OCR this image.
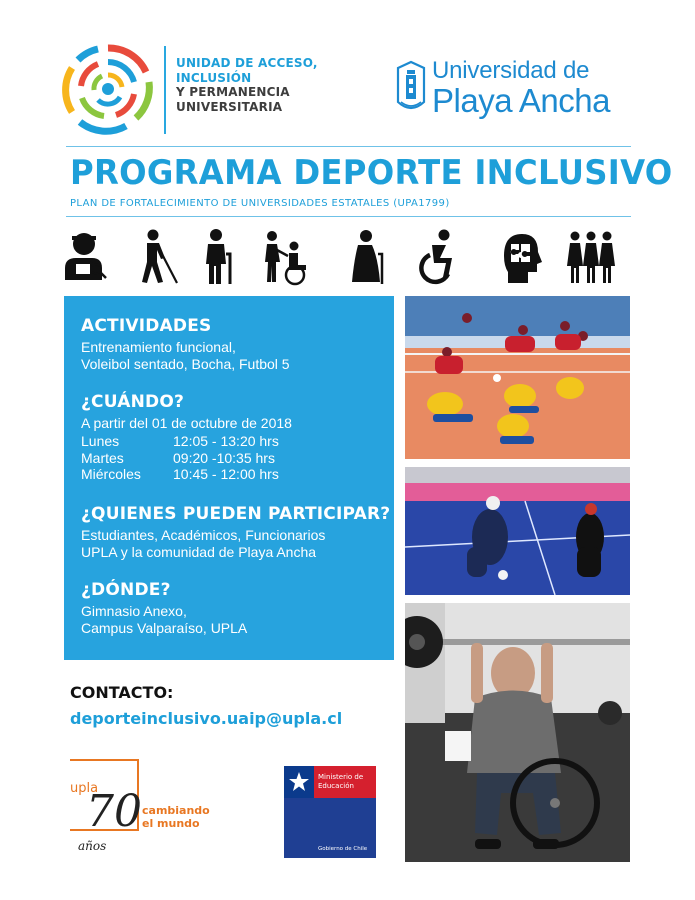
UNIDAD DE ACCESO,
INCLUSIÓN
Y PERMANENCIA
UNIVERSITARIA
Universidad de
Playa Ancha
PROGRAMA DEPORTE INCLUSIVO
PLAN DE FORTALECIMIENTO DE UNIVERSIDADES ESTATALES (UPA1799)
ACTIVIDADES
Entrenamiento funcional,
Voleibol sentado, Bocha, Futbol 5
¿CUÁNDO?
A partir del 01 de octubre de 2018
Lunes	12:05 - 13:20 hrs
Martes	09:20 -10:35 hrs
Miércoles	10:45 - 12:00 hrs
¿QUIENES PUEDEN PARTICIPAR?
Estudiantes, Académicos, Funcionarios
UPLA y la comunidad de Playa Ancha
¿DÓNDE?
Gimnasio Anexo,
Campus Valparaíso, UPLA
CONTACTO:
deporteinclusivo.uaip@upla.cl
upla
70
años
cambiando
el mundo
Ministerio de
Educación
Gobierno de Chile
